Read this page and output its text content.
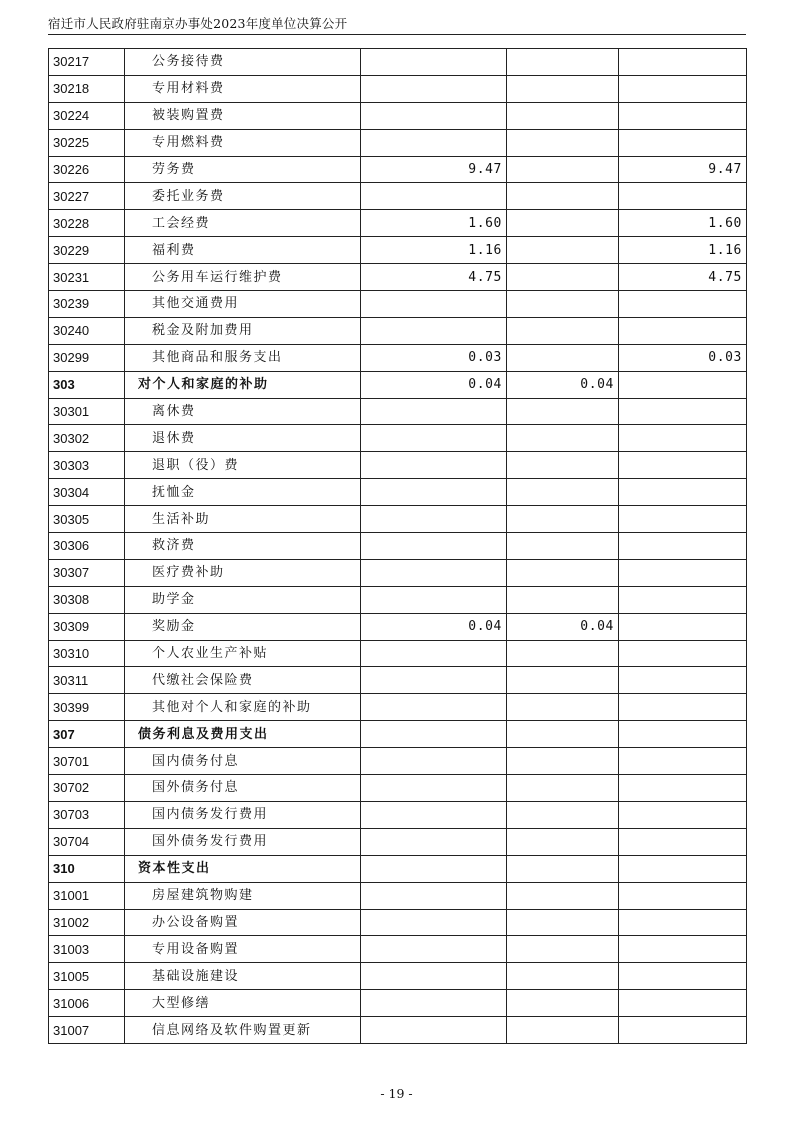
宿迁市人民政府驻南京办事处2023年度单位决算公开
30217	公务接待费			
30218	专用材料费			
30224	被装购置费			
30225	专用燃料费			
30226	劳务费	9.47		9.47
30227	委托业务费			
30228	工会经费	1.60		1.60
30229	福利费	1.16		1.16
30231	公务用车运行维护费	4.75		4.75
30239	其他交通费用			
30240	税金及附加费用			
30299	其他商品和服务支出	0.03		0.03
303	对个人和家庭的补助	0.04	0.04	
30301	离休费			
30302	退休费			
30303	退职（役）费			
30304	抚恤金			
30305	生活补助			
30306	救济费			
30307	医疗费补助			
30308	助学金			
30309	奖励金	0.04	0.04	
30310	个人农业生产补贴			
30311	代缴社会保险费			
30399	其他对个人和家庭的补助			
307	债务利息及费用支出			
30701	国内债务付息			
30702	国外债务付息			
30703	国内债务发行费用			
30704	国外债务发行费用			
310	资本性支出			
31001	房屋建筑物购建			
31002	办公设备购置			
31003	专用设备购置			
31005	基础设施建设			
31006	大型修缮			
31007	信息网络及软件购置更新			
- 19 -
